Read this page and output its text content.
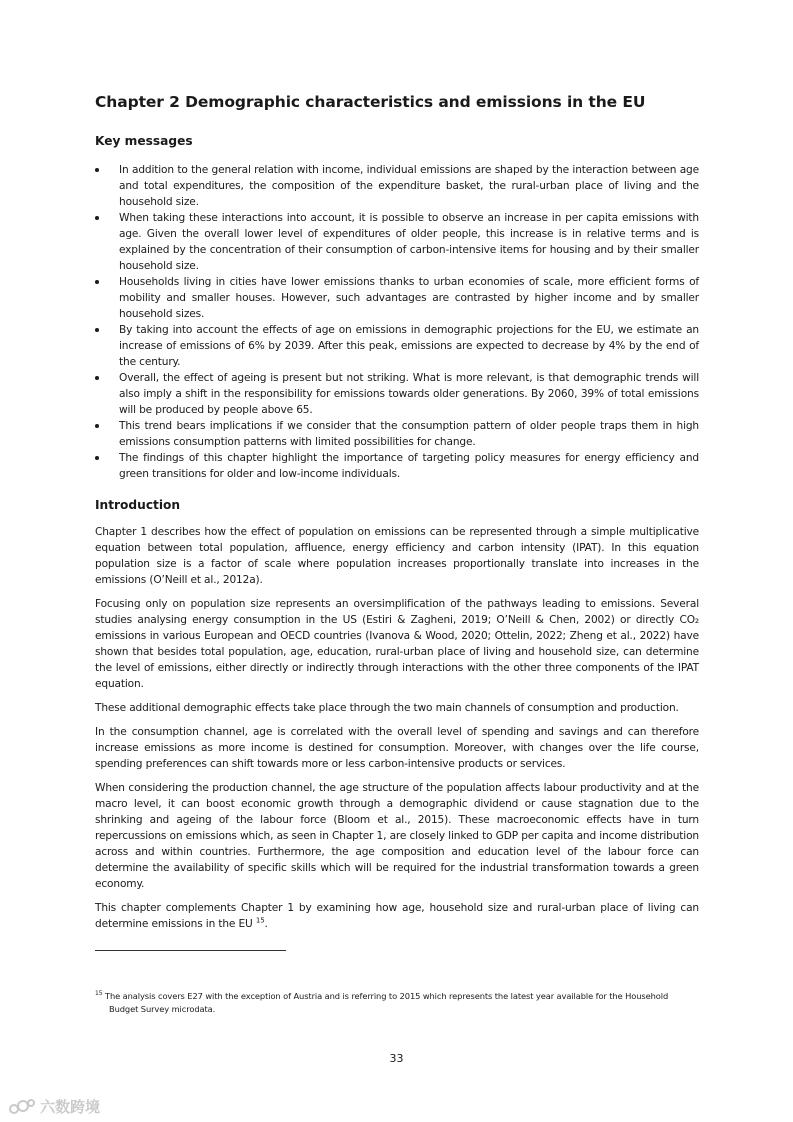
Chapter 2 Demographic characteristics and emissions in the EU
Key messages
In addition to the general relation with income, individual emissions are shaped by the interaction between age and total expenditures, the composition of the expenditure basket, the rural-urban place of living and the household size.
When taking these interactions into account, it is possible to observe an increase in per capita emissions with age. Given the overall lower level of expenditures of older people, this increase is in relative terms and is explained by the concentration of their consumption of carbon-intensive items for housing and by their smaller household size.
Households living in cities have lower emissions thanks to urban economies of scale, more efficient forms of mobility and smaller houses. However, such advantages are contrasted by higher income and by smaller household sizes.
By taking into account the effects of age on emissions in demographic projections for the EU, we estimate an increase of emissions of 6% by 2039. After this peak, emissions are expected to decrease by 4% by the end of the century.
Overall, the effect of ageing is present but not striking. What is more relevant, is that demographic trends will also imply a shift in the responsibility for emissions towards older generations. By 2060, 39% of total emissions will be produced by people above 65.
This trend bears implications if we consider that the consumption pattern of older people traps them in high emissions consumption patterns with limited possibilities for change.
The findings of this chapter highlight the importance of targeting policy measures for energy efficiency and green transitions for older and low-income individuals.
Introduction

Chapter 1 describes how the effect of population on emissions can be represented through a simple multiplicative equation between total population, affluence, energy efficiency and carbon intensity (IPAT). In this equation population size is a factor of scale where population increases proportionally translate into increases in the emissions (O’Neill et al., 2012a).

Focusing only on population size represents an oversimplification of the pathways leading to emissions. Several studies analysing energy consumption in the US (Estiri & Zagheni, 2019; O’Neill & Chen, 2002) or directly CO₂ emissions in various European and OECD countries (Ivanova & Wood, 2020; Ottelin, 2022; Zheng et al., 2022) have shown that besides total population, age, education, rural-urban place of living and household size, can determine the level of emissions, either directly or indirectly through interactions with the other three components of the IPAT equation.

These additional demographic effects take place through the two main channels of consumption and production.

In the consumption channel, age is correlated with the overall level of spending and savings and can therefore increase emissions as more income is destined for consumption. Moreover, with changes over the life course, spending preferences can shift towards more or less carbon-intensive products or services.

When considering the production channel, the age structure of the population affects labour productivity and at the macro level, it can boost economic growth through a demographic dividend or cause stagnation due to the shrinking and ageing of the labour force (Bloom et al., 2015). These macroeconomic effects have in turn repercussions on emissions which, as seen in Chapter 1, are closely linked to GDP per capita and income distribution across and within countries. Furthermore, the age composition and education level of the labour force can determine the availability of specific skills which will be required for the industrial transformation towards a green economy.

This chapter complements Chapter 1 by examining how age, household size and rural-urban place of living can determine emissions in the EU $^{15}$.

$^{15}$ The analysis covers E27 with the exception of Austria and is referring to 2015 which represents the latest year available for the Household
Budget Survey microdata.
33
六数跨境
